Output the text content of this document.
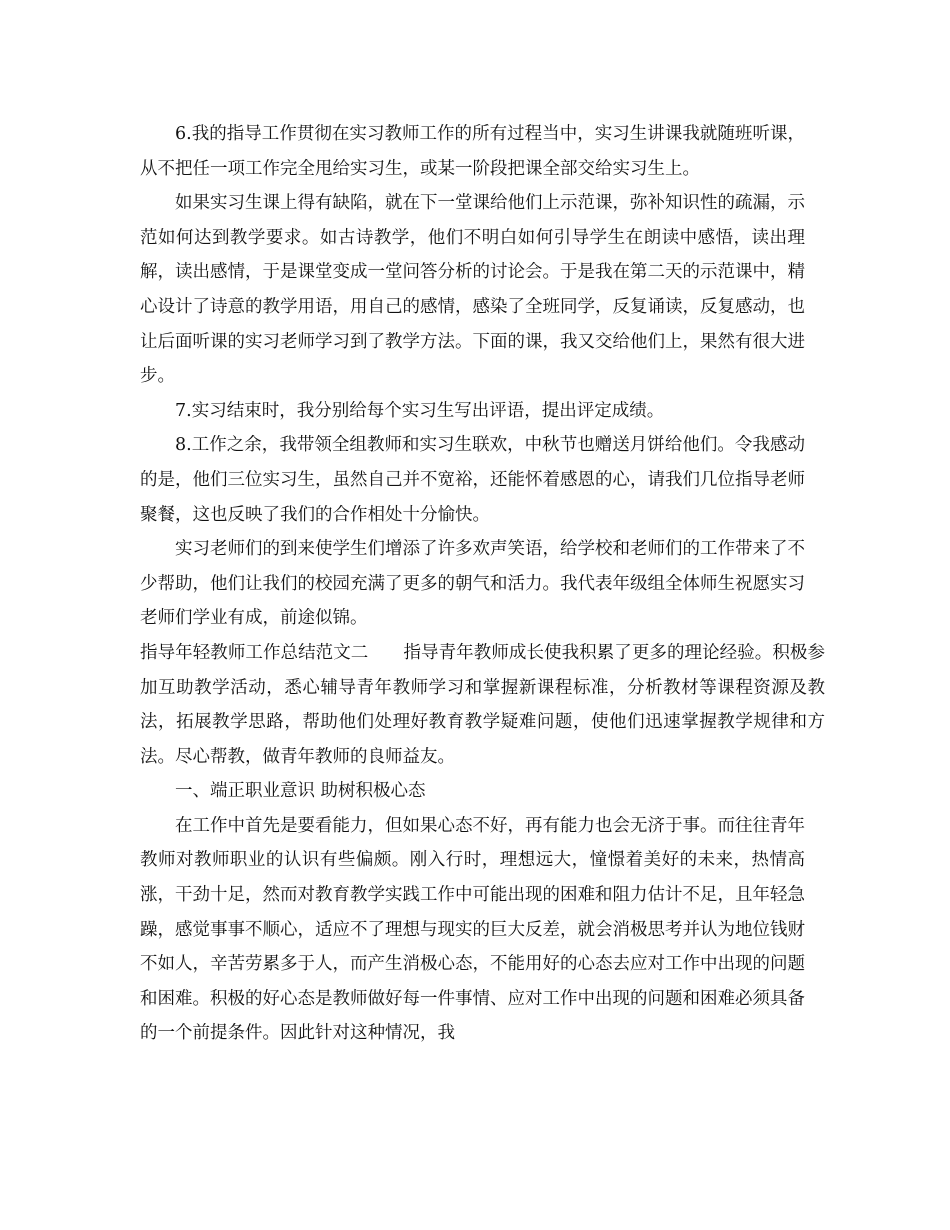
6.我的指导工作贯彻在实习教师工作的所有过程当中，实习生讲课我就随班听课，从不把任一项工作完全甩给实习生，或某一阶段把课全部交给实习生上。

如果实习生课上得有缺陷，就在下一堂课给他们上示范课，弥补知识性的疏漏，示范如何达到教学要求。如古诗教学，他们不明白如何引导学生在朗读中感悟，读出理解，读出感情，于是课堂变成一堂问答分析的讨论会。于是我在第二天的示范课中，精心设计了诗意的教学用语，用自己的感情，感染了全班同学，反复诵读，反复感动，也让后面听课的实习老师学习到了教学方法。下面的课，我又交给他们上，果然有很大进步。

7.实习结束时，我分别给每个实习生写出评语，提出评定成绩。

8.工作之余，我带领全组教师和实习生联欢，中秋节也赠送月饼给他们。令我感动的是，他们三位实习生，虽然自己并不宽裕，还能怀着感恩的心，请我们几位指导老师聚餐，这也反映了我们的合作相处十分愉快。

实习老师们的到来使学生们增添了许多欢声笑语，给学校和老师们的工作带来了不少帮助，他们让我们的校园充满了更多的朝气和活力。我代表年级组全体师生祝愿实习老师们学业有成，前途似锦。

指导年轻教师工作总结范文二　　指导青年教师成长使我积累了更多的理论经验。积极参加互助教学活动，悉心辅导青年教师学习和掌握新课程标准，分析教材等课程资源及教法，拓展教学思路，帮助他们处理好教育教学疑难问题，使他们迅速掌握教学规律和方法。尽心帮教，做青年教师的良师益友。

一、端正职业意识 助树积极心态

在工作中首先是要看能力，但如果心态不好，再有能力也会无济于事。而往往青年教师对教师职业的认识有些偏颇。刚入行时，理想远大，憧憬着美好的未来，热情高涨，干劲十足，然而对教育教学实践工作中可能出现的困难和阻力估计不足，且年轻急躁，感觉事事不顺心，适应不了理想与现实的巨大反差，就会消极思考并认为地位钱财不如人，辛苦劳累多于人，而产生消极心态，不能用好的心态去应对工作中出现的问题和困难。积极的好心态是教师做好每一件事情、应对工作中出现的问题和困难必须具备的一个前提条件。因此针对这种情况，我
